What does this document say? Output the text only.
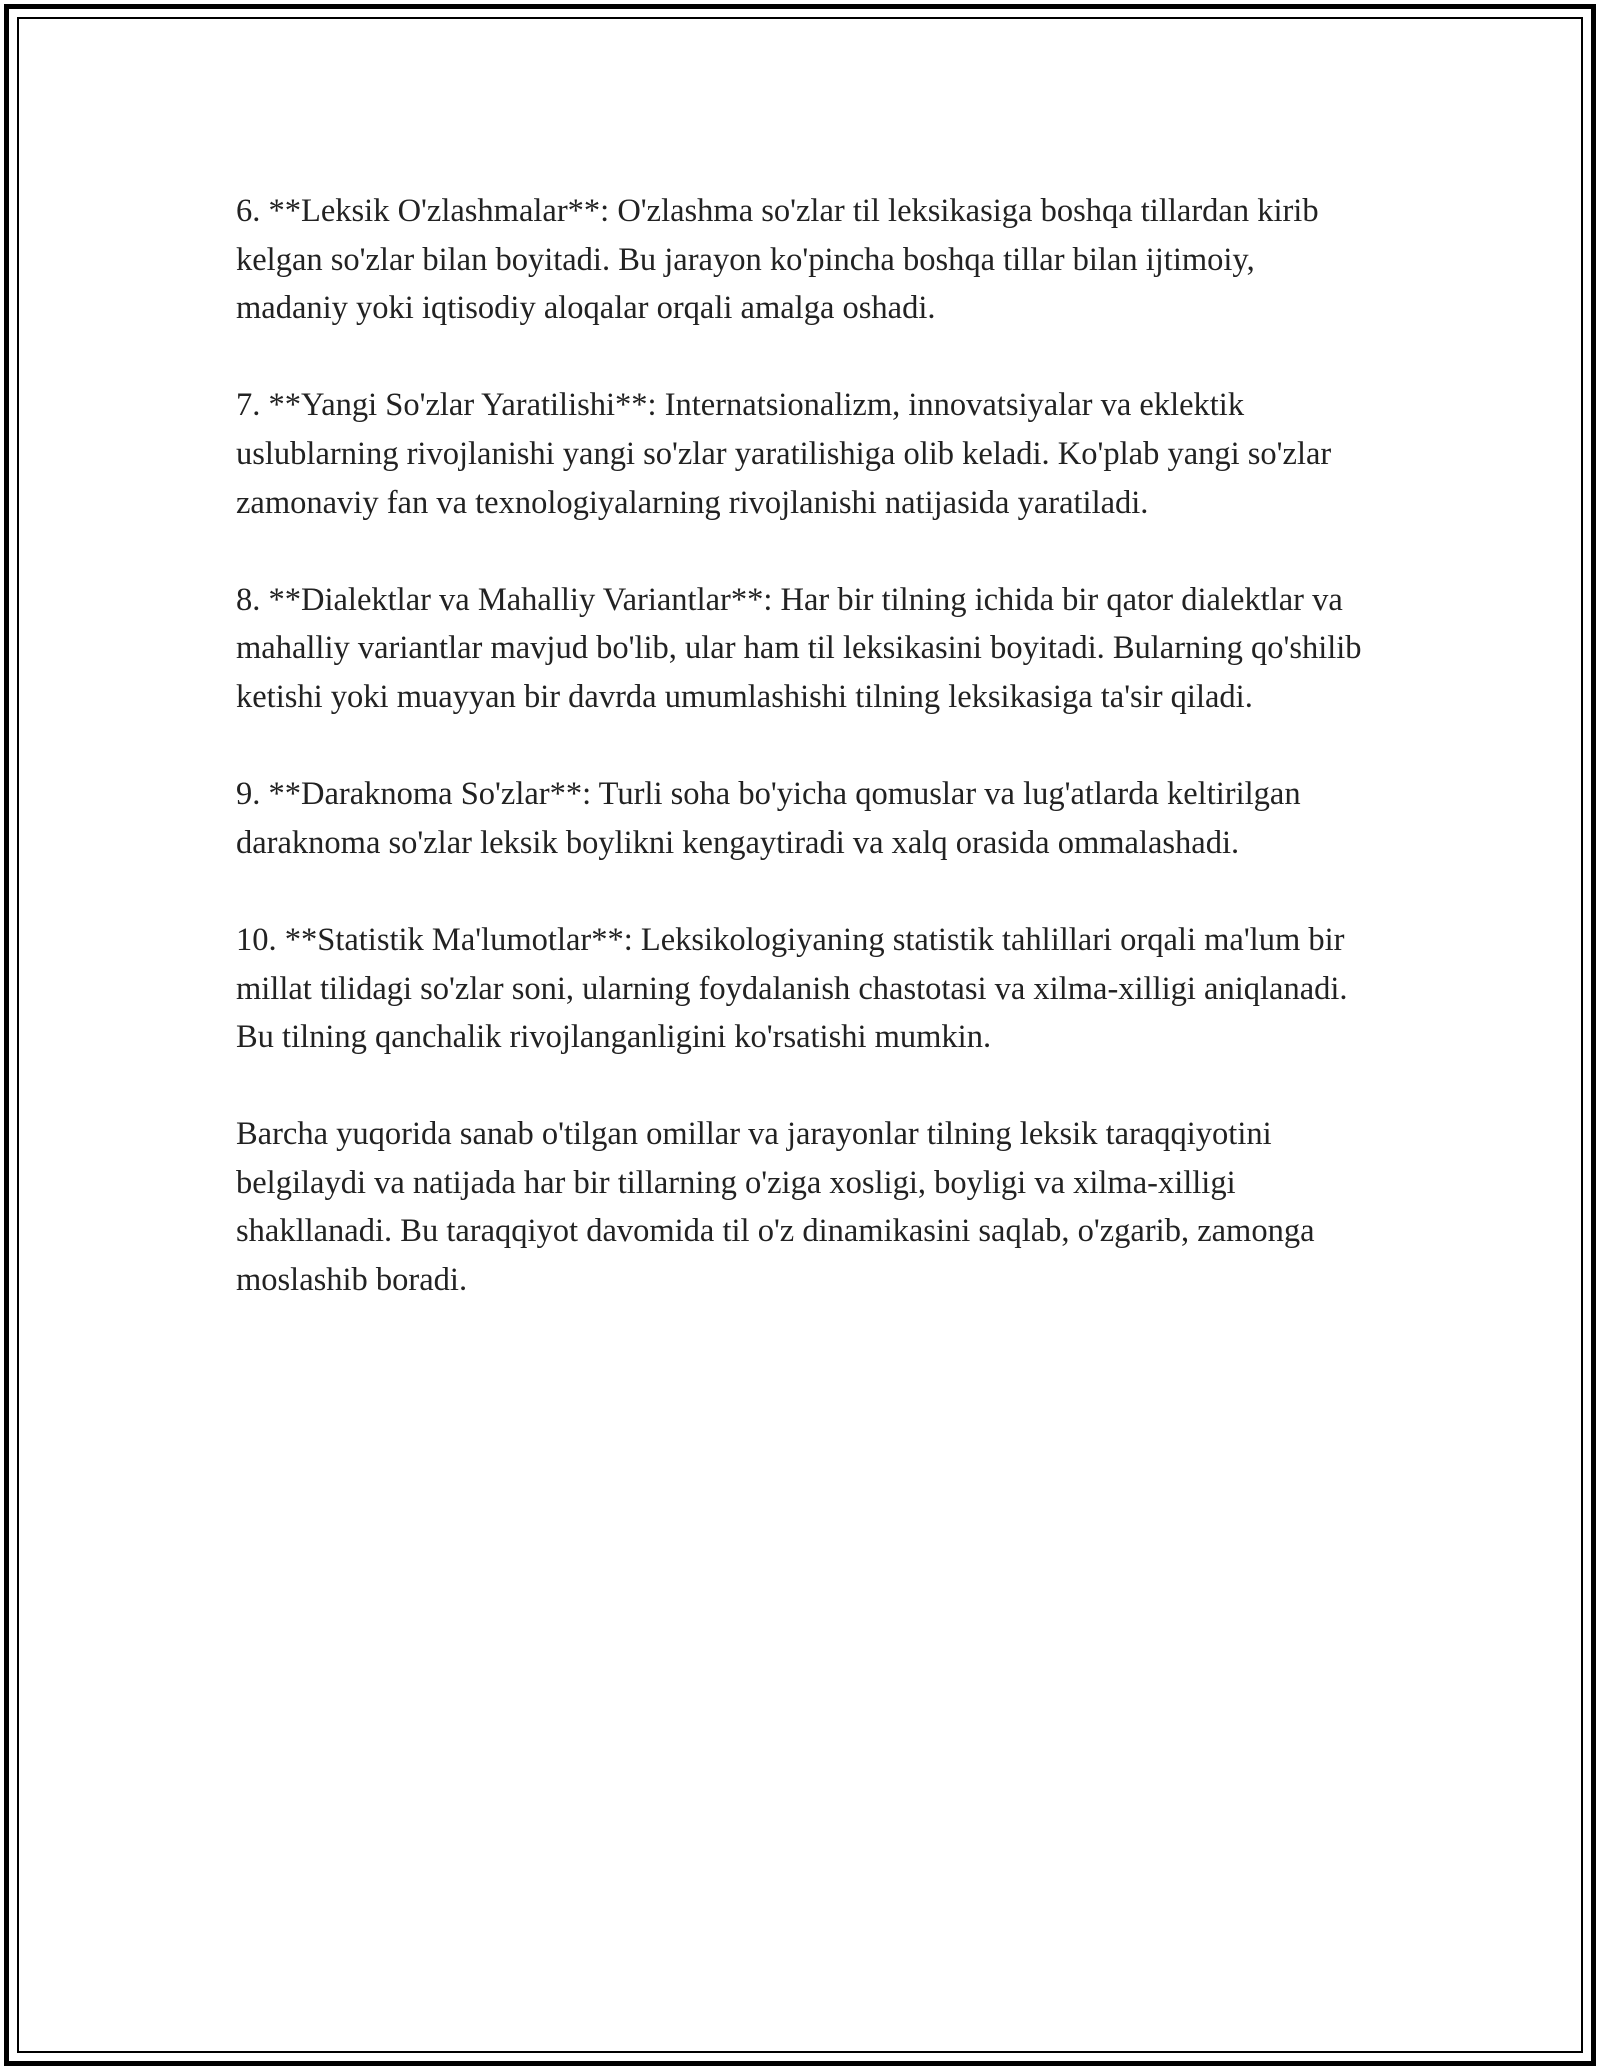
6. **Leksik O'zlashmalar**: O'zlashma so'zlar til leksikasiga boshqa tillardan kirib kelgan so'zlar bilan boyitadi. Bu jarayon ko'pincha boshqa tillar bilan ijtimoiy, madaniy yoki iqtisodiy aloqalar orqali amalga oshadi.

7. **Yangi So'zlar Yaratilishi**: Internatsionalizm, innovatsiyalar va eklektik uslublarning rivojlanishi yangi so'zlar yaratilishiga olib keladi. Ko'plab yangi so'zlar zamonaviy fan va texnologiyalarning rivojlanishi natijasida yaratiladi.

8. **Dialektlar va Mahalliy Variantlar**: Har bir tilning ichida bir qator dialektlar va mahalliy variantlar mavjud bo'lib, ular ham til leksikasini boyitadi. Bularning qo'shilib ketishi yoki muayyan bir davrda umumlashishi tilning leksikasiga ta'sir qiladi.

9. **Daraknoma So'zlar**: Turli soha bo'yicha qomuslar va lug'atlarda keltirilgan daraknoma so'zlar leksik boylikni kengaytiradi va xalq orasida ommalashadi.

10. **Statistik Ma'lumotlar**: Leksikologiyaning statistik tahlillari orqali ma'lum bir millat tilidagi so'zlar soni, ularning foydalanish chastotasi va xilma-xilligi aniqlanadi. Bu tilning qanchalik rivojlanganligini ko'rsatishi mumkin.

Barcha yuqorida sanab o'tilgan omillar va jarayonlar tilning leksik taraqqiyotini belgilaydi va natijada har bir tillarning o'ziga xosligi, boyligi va xilma-xilligi shakllanadi. Bu taraqqiyot davomida til o'z dinamikasini saqlab, o'zgarib, zamonga moslashib boradi.
